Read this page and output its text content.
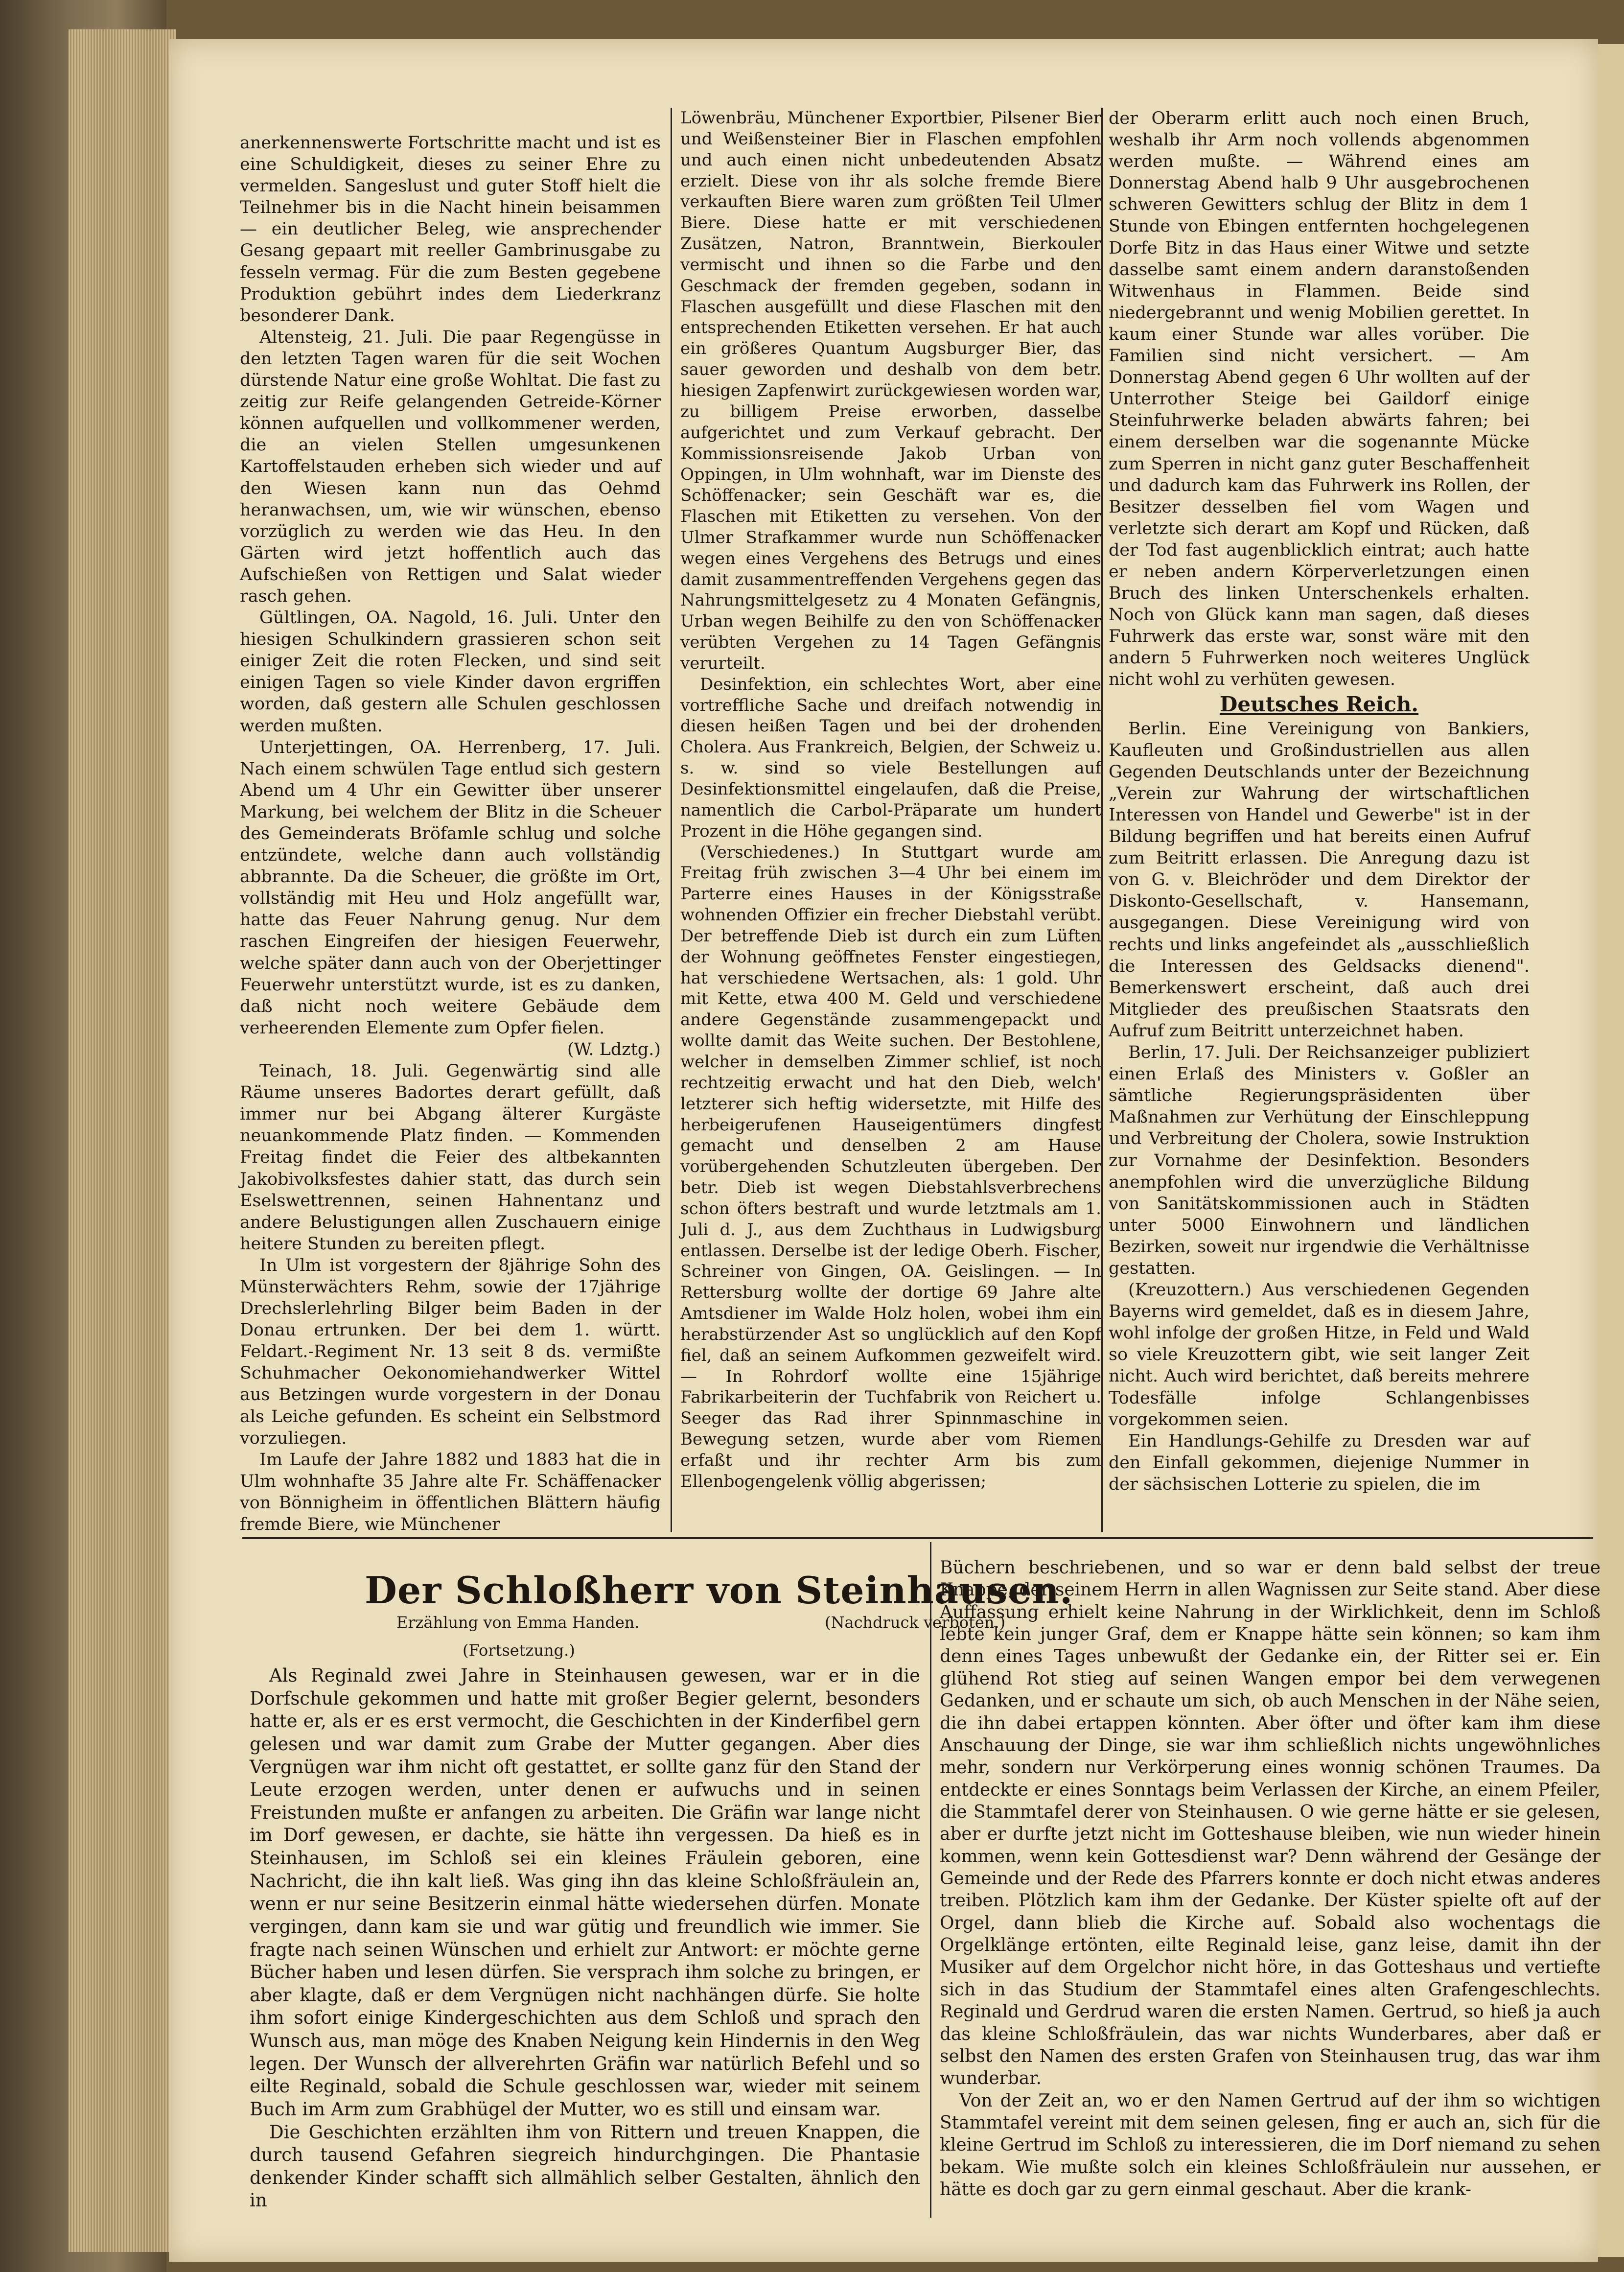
anerkennenswerte Fortschritte macht und ist es eine Schuldigkeit, dieses zu seiner Ehre zu vermelden. Sangeslust und guter Stoff hielt die Teilnehmer bis in die Nacht hinein beisammen — ein deutlicher Beleg, wie ansprechender Gesang gepaart mit reeller Gambrinusgabe zu fesseln vermag. Für die zum Besten gegebene Produktion gebührt indes dem Liederkranz besonderer Dank.

Altensteig, 21. Juli. Die paar Regengüsse in den letzten Tagen waren für die seit Wochen dürstende Natur eine große Wohltat. Die fast zu zeitig zur Reife gelangenden Getreide-Körner können aufquellen und vollkommener werden, die an vielen Stellen umgesunkenen Kartoffelstauden erheben sich wieder und auf den Wiesen kann nun das Oehmd heranwachsen, um, wie wir wünschen, ebenso vorzüglich zu werden wie das Heu. In den Gärten wird jetzt hoffentlich auch das Aufschießen von Rettigen und Salat wieder rasch gehen.

Gültlingen, OA. Nagold, 16. Juli. Unter den hiesigen Schulkindern grassieren schon seit einiger Zeit die roten Flecken, und sind seit einigen Tagen so viele Kinder davon ergriffen worden, daß gestern alle Schulen geschlossen werden mußten.

Unterjettingen, OA. Herrenberg, 17. Juli. Nach einem schwülen Tage entlud sich gestern Abend um 4 Uhr ein Gewitter über unserer Markung, bei welchem der Blitz in die Scheuer des Gemeinderats Bröfamle schlug und solche entzündete, welche dann auch vollständig abbrannte. Da die Scheuer, die größte im Ort, vollständig mit Heu und Holz angefüllt war, hatte das Feuer Nahrung genug. Nur dem raschen Eingreifen der hiesigen Feuerwehr, welche später dann auch von der Oberjettinger Feuerwehr unterstützt wurde, ist es zu danken, daß nicht noch weitere Gebäude dem verheerenden Elemente zum Opfer fielen.

(W. Ldztg.)

Teinach, 18. Juli. Gegenwärtig sind alle Räume unseres Badortes derart gefüllt, daß immer nur bei Abgang älterer Kurgäste neuankommende Platz finden. — Kommenden Freitag findet die Feier des altbekannten Jakobivolksfestes dahier statt, das durch sein Eselswettrennen, seinen Hahnentanz und andere Belustigungen allen Zuschauern einige heitere Stunden zu bereiten pflegt.

In Ulm ist vorgestern der 8jährige Sohn des Münsterwächters Rehm, sowie der 17jährige Drechslerlehrling Bilger beim Baden in der Donau ertrunken. Der bei dem 1. württ. Feldart.-Regiment Nr. 13 seit 8 ds. vermißte Schuhmacher Oekonomiehandwerker Wittel aus Betzingen wurde vorgestern in der Donau als Leiche gefunden. Es scheint ein Selbstmord vorzuliegen.

Im Laufe der Jahre 1882 und 1883 hat die in Ulm wohnhafte 35 Jahre alte Fr. Schäffenacker von Bönnigheim in öffentlichen Blättern häufig fremde Biere, wie Münchener

Löwenbräu, Münchener Exportbier, Pilsener Bier und Weißensteiner Bier in Flaschen empfohlen und auch einen nicht unbedeutenden Absatz erzielt. Diese von ihr als solche fremde Biere verkauften Biere waren zum größten Teil Ulmer Biere. Diese hatte er mit verschiedenen Zusätzen, Natron, Branntwein, Bierkouler vermischt und ihnen so die Farbe und den Geschmack der fremden gegeben, sodann in Flaschen ausgefüllt und diese Flaschen mit den entsprechenden Etiketten versehen. Er hat auch ein größeres Quantum Augsburger Bier, das sauer geworden und deshalb von dem betr. hiesigen Zapfenwirt zurückgewiesen worden war, zu billigem Preise erworben, dasselbe aufgerichtet und zum Verkauf gebracht. Der Kommissionsreisende Jakob Urban von Oppingen, in Ulm wohnhaft, war im Dienste des Schöffenacker; sein Geschäft war es, die Flaschen mit Etiketten zu versehen. Von der Ulmer Strafkammer wurde nun Schöffenacker wegen eines Vergehens des Betrugs und eines damit zusammentreffenden Vergehens gegen das Nahrungsmittelgesetz zu 4 Monaten Gefängnis, Urban wegen Beihilfe zu den von Schöffenacker verübten Vergehen zu 14 Tagen Gefängnis verurteilt.

Desinfektion, ein schlechtes Wort, aber eine vortreffliche Sache und dreifach notwendig in diesen heißen Tagen und bei der drohenden Cholera. Aus Frankreich, Belgien, der Schweiz u. s. w. sind so viele Bestellungen auf Desinfektionsmittel eingelaufen, daß die Preise, namentlich die Carbol-Präparate um hundert Prozent in die Höhe gegangen sind.

(Verschiedenes.) In Stuttgart wurde am Freitag früh zwischen 3—4 Uhr bei einem im Parterre eines Hauses in der Königsstraße wohnenden Offizier ein frecher Diebstahl verübt. Der betreffende Dieb ist durch ein zum Lüften der Wohnung geöffnetes Fenster eingestiegen, hat verschiedene Wertsachen, als: 1 gold. Uhr mit Kette, etwa 400 M. Geld und verschiedene andere Gegenstände zusammengepackt und wollte damit das Weite suchen. Der Bestohlene, welcher in demselben Zimmer schlief, ist noch rechtzeitig erwacht und hat den Dieb, welch' letzterer sich heftig widersetzte, mit Hilfe des herbeigerufenen Hauseigentümers dingfest gemacht und denselben 2 am Hause vorübergehenden Schutzleuten übergeben. Der betr. Dieb ist wegen Diebstahlsverbrechens schon öfters bestraft und wurde letztmals am 1. Juli d. J., aus dem Zuchthaus in Ludwigsburg entlassen. Derselbe ist der ledige Oberh. Fischer, Schreiner von Gingen, OA. Geislingen. — In Rettersburg wollte der dortige 69 Jahre alte Amtsdiener im Walde Holz holen, wobei ihm ein herabstürzender Ast so unglücklich auf den Kopf fiel, daß an seinem Aufkommen gezweifelt wird. — In Rohrdorf wollte eine 15jährige Fabrikarbeiterin der Tuchfabrik von Reichert u. Seeger das Rad ihrer Spinnmaschine in Bewegung setzen, wurde aber vom Riemen erfaßt und ihr rechter Arm bis zum Ellenbogengelenk völlig abgerissen;

der Oberarm erlitt auch noch einen Bruch, weshalb ihr Arm noch vollends abgenommen werden mußte. — Während eines am Donnerstag Abend halb 9 Uhr ausgebrochenen schweren Gewitters schlug der Blitz in dem 1 Stunde von Ebingen entfernten hochgelegenen Dorfe Bitz in das Haus einer Witwe und setzte dasselbe samt einem andern daranstoßenden Witwenhaus in Flammen. Beide sind niedergebrannt und wenig Mobilien gerettet. In kaum einer Stunde war alles vorüber. Die Familien sind nicht versichert. — Am Donnerstag Abend gegen 6 Uhr wollten auf der Unterrother Steige bei Gaildorf einige Steinfuhrwerke beladen abwärts fahren; bei einem derselben war die sogenannte Mücke zum Sperren in nicht ganz guter Beschaffenheit und dadurch kam das Fuhrwerk ins Rollen, der Besitzer desselben fiel vom Wagen und verletzte sich derart am Kopf und Rücken, daß der Tod fast augenblicklich eintrat; auch hatte er neben andern Körperverletzungen einen Bruch des linken Unterschenkels erhalten. Noch von Glück kann man sagen, daß dieses Fuhrwerk das erste war, sonst wäre mit den andern 5 Fuhrwerken noch weiteres Unglück nicht wohl zu verhüten gewesen.

Deutsches Reich.

Berlin. Eine Vereinigung von Bankiers, Kaufleuten und Großindustriellen aus allen Gegenden Deutschlands unter der Bezeichnung „Verein zur Wahrung der wirtschaftlichen Interessen von Handel und Gewerbe" ist in der Bildung begriffen und hat bereits einen Aufruf zum Beitritt erlassen. Die Anregung dazu ist von G. v. Bleichröder und dem Direktor der Diskonto-Gesellschaft, v. Hansemann, ausgegangen. Diese Vereinigung wird von rechts und links angefeindet als „ausschließlich die Interessen des Geldsacks dienend". Bemerkenswert erscheint, daß auch drei Mitglieder des preußischen Staatsrats den Aufruf zum Beitritt unterzeichnet haben.

Berlin, 17. Juli. Der Reichsanzeiger publiziert einen Erlaß des Ministers v. Goßler an sämtliche Regierungspräsidenten über Maßnahmen zur Verhütung der Einschleppung und Verbreitung der Cholera, sowie Instruktion zur Vornahme der Desinfektion. Besonders anempfohlen wird die unverzügliche Bildung von Sanitätskommissionen auch in Städten unter 5000 Einwohnern und ländlichen Bezirken, soweit nur irgendwie die Verhältnisse gestatten.

(Kreuzottern.) Aus verschiedenen Gegenden Bayerns wird gemeldet, daß es in diesem Jahre, wohl infolge der großen Hitze, in Feld und Wald so viele Kreuzottern gibt, wie seit langer Zeit nicht. Auch wird berichtet, daß bereits mehrere Todesfälle infolge Schlangenbisses vorgekommen seien.

Ein Handlungs-Gehilfe zu Dresden war auf den Einfall gekommen, diejenige Nummer in der sächsischen Lotterie zu spielen, die im

Der Schloßherr von Steinhausen.
Erzählung von Emma Handen.	(Nachdruck verboten.)
(Fortsetzung.)

Als Reginald zwei Jahre in Steinhausen gewesen, war er in die Dorfschule gekommen und hatte mit großer Begier gelernt, besonders hatte er, als er es erst vermocht, die Geschichten in der Kinderfibel gern gelesen und war damit zum Grabe der Mutter gegangen. Aber dies Vergnügen war ihm nicht oft gestattet, er sollte ganz für den Stand der Leute erzogen werden, unter denen er aufwuchs und in seinen Freistunden mußte er anfangen zu arbeiten. Die Gräfin war lange nicht im Dorf gewesen, er dachte, sie hätte ihn vergessen. Da hieß es in Steinhausen, im Schloß sei ein kleines Fräulein geboren, eine Nachricht, die ihn kalt ließ. Was ging ihn das kleine Schloßfräulein an, wenn er nur seine Besitzerin einmal hätte wiedersehen dürfen. Monate vergingen, dann kam sie und war gütig und freundlich wie immer. Sie fragte nach seinen Wünschen und erhielt zur Antwort: er möchte gerne Bücher haben und lesen dürfen. Sie versprach ihm solche zu bringen, er aber klagte, daß er dem Vergnügen nicht nachhängen dürfe. Sie holte ihm sofort einige Kindergeschichten aus dem Schloß und sprach den Wunsch aus, man möge des Knaben Neigung kein Hindernis in den Weg legen. Der Wunsch der allverehrten Gräfin war natürlich Befehl und so eilte Reginald, sobald die Schule geschlossen war, wieder mit seinem Buch im Arm zum Grabhügel der Mutter, wo es still und einsam war.

Die Geschichten erzählten ihm von Rittern und treuen Knappen, die durch tausend Gefahren siegreich hindurchgingen. Die Phantasie denkender Kinder schafft sich allmählich selber Gestalten, ähnlich den in

Büchern beschriebenen, und so war er denn bald selbst der treue Knappe, der seinem Herrn in allen Wagnissen zur Seite stand. Aber diese Auffassung erhielt keine Nahrung in der Wirklichkeit, denn im Schloß lebte kein junger Graf, dem er Knappe hätte sein können; so kam ihm denn eines Tages unbewußt der Gedanke ein, der Ritter sei er. Ein glühend Rot stieg auf seinen Wangen empor bei dem verwegenen Gedanken, und er schaute um sich, ob auch Menschen in der Nähe seien, die ihn dabei ertappen könnten. Aber öfter und öfter kam ihm diese Anschauung der Dinge, sie war ihm schließlich nichts ungewöhnliches mehr, sondern nur Verkörperung eines wonnig schönen Traumes. Da entdeckte er eines Sonntags beim Verlassen der Kirche, an einem Pfeiler, die Stammtafel derer von Steinhausen. O wie gerne hätte er sie gelesen, aber er durfte jetzt nicht im Gotteshause bleiben, wie nun wieder hinein kommen, wenn kein Gottesdienst war? Denn während der Gesänge der Gemeinde und der Rede des Pfarrers konnte er doch nicht etwas anderes treiben. Plötzlich kam ihm der Gedanke. Der Küster spielte oft auf der Orgel, dann blieb die Kirche auf. Sobald also wochentags die Orgelklänge ertönten, eilte Reginald leise, ganz leise, damit ihn der Musiker auf dem Orgelchor nicht höre, in das Gotteshaus und vertiefte sich in das Studium der Stammtafel eines alten Grafengeschlechts. Reginald und Gerdrud waren die ersten Namen. Gertrud, so hieß ja auch das kleine Schloßfräulein, das war nichts Wunderbares, aber daß er selbst den Namen des ersten Grafen von Steinhausen trug, das war ihm wunderbar.

Von der Zeit an, wo er den Namen Gertrud auf der ihm so wichtigen Stammtafel vereint mit dem seinen gelesen, fing er auch an, sich für die kleine Gertrud im Schloß zu interessieren, die im Dorf niemand zu sehen bekam. Wie mußte solch ein kleines Schloßfräulein nur aussehen, er hätte es doch gar zu gern einmal geschaut. Aber die krank-
